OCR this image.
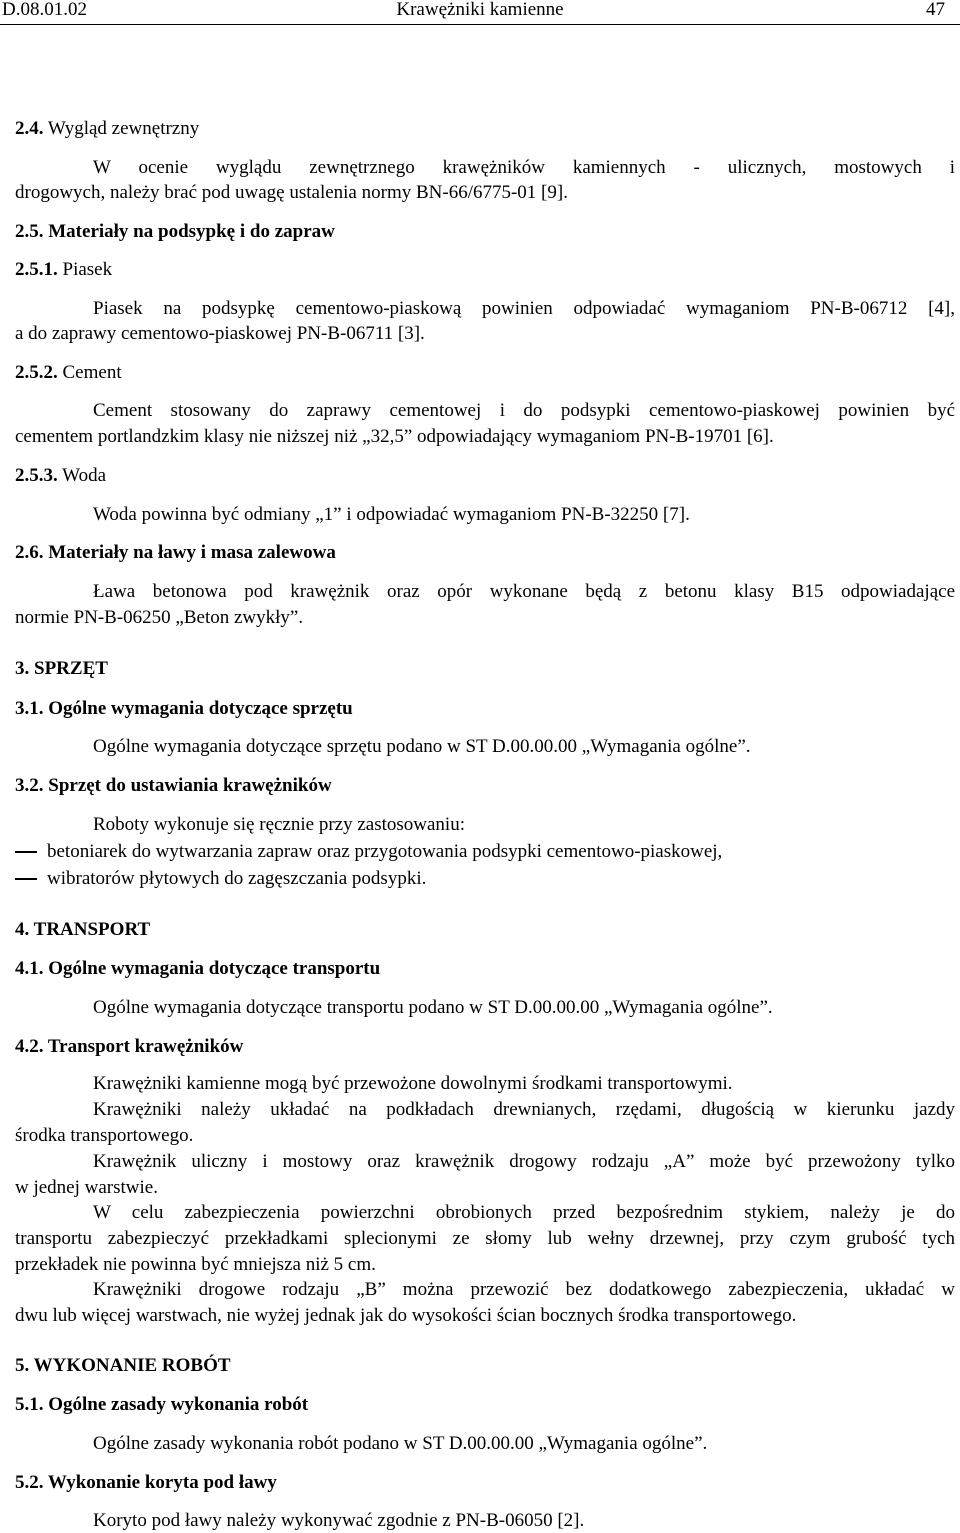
D.08.01.02	Krawężniki kamienne	47
2.4. Wygląd zewnętrzny
W ocenie wyglądu zewnętrznego krawężników kamiennych - ulicznych, mostowych i
drogowych, należy brać pod uwagę ustalenia normy BN-66/6775-01 [9].
2.5. Materiały na podsypkę i do zapraw
2.5.1. Piasek
Piasek na podsypkę cementowo-piaskową powinien odpowiadać wymaganiom PN-B-06712 [4],
a do zaprawy cementowo-piaskowej PN-B-06711 [3].
2.5.2. Cement
Cement stosowany do zaprawy cementowej i do podsypki cementowo-piaskowej powinien być
cementem portlandzkim klasy nie niższej niż „32,5” odpowiadający wymaganiom PN-B-19701 [6].
2.5.3. Woda
Woda powinna być odmiany „1” i odpowiadać wymaganiom PN-B-32250 [7].
2.6. Materiały na ławy i masa zalewowa
Ława betonowa pod krawężnik oraz opór wykonane będą z betonu klasy B15 odpowiadające
normie PN-B-06250 „Beton zwykły”.
3. SPRZĘT
3.1. Ogólne wymagania dotyczące sprzętu
Ogólne wymagania dotyczące sprzętu podano w ST D.00.00.00 „Wymagania ogólne”.
3.2. Sprzęt do ustawiania krawężników
Roboty wykonuje się ręcznie przy zastosowaniu:
betoniarek do wytwarzania zapraw oraz przygotowania podsypki cementowo-piaskowej,
wibratorów płytowych do zagęszczania podsypki.
4. TRANSPORT
4.1. Ogólne wymagania dotyczące transportu
Ogólne wymagania dotyczące transportu podano w ST D.00.00.00 „Wymagania ogólne”.
4.2. Transport krawężników
Krawężniki kamienne mogą być przewożone dowolnymi środkami transportowymi.
Krawężniki należy układać na podkładach drewnianych, rzędami, długością w kierunku jazdy
środka transportowego.
Krawężnik uliczny i mostowy oraz krawężnik drogowy rodzaju „A” może być przewożony tylko
w jednej warstwie.
W celu zabezpieczenia powierzchni obrobionych przed bezpośrednim stykiem, należy je do
transportu zabezpieczyć przekładkami splecionymi ze słomy lub wełny drzewnej, przy czym grubość tych
przekładek nie powinna być mniejsza niż 5 cm.
Krawężniki drogowe rodzaju „B” można przewozić bez dodatkowego zabezpieczenia, układać w
dwu lub więcej warstwach, nie wyżej jednak jak do wysokości ścian bocznych środka transportowego.
5. WYKONANIE ROBÓT
5.1. Ogólne zasady wykonania robót
Ogólne zasady wykonania robót podano w ST D.00.00.00 „Wymagania ogólne”.
5.2. Wykonanie koryta pod ławy
Koryto pod ławy należy wykonywać zgodnie z PN-B-06050 [2].
